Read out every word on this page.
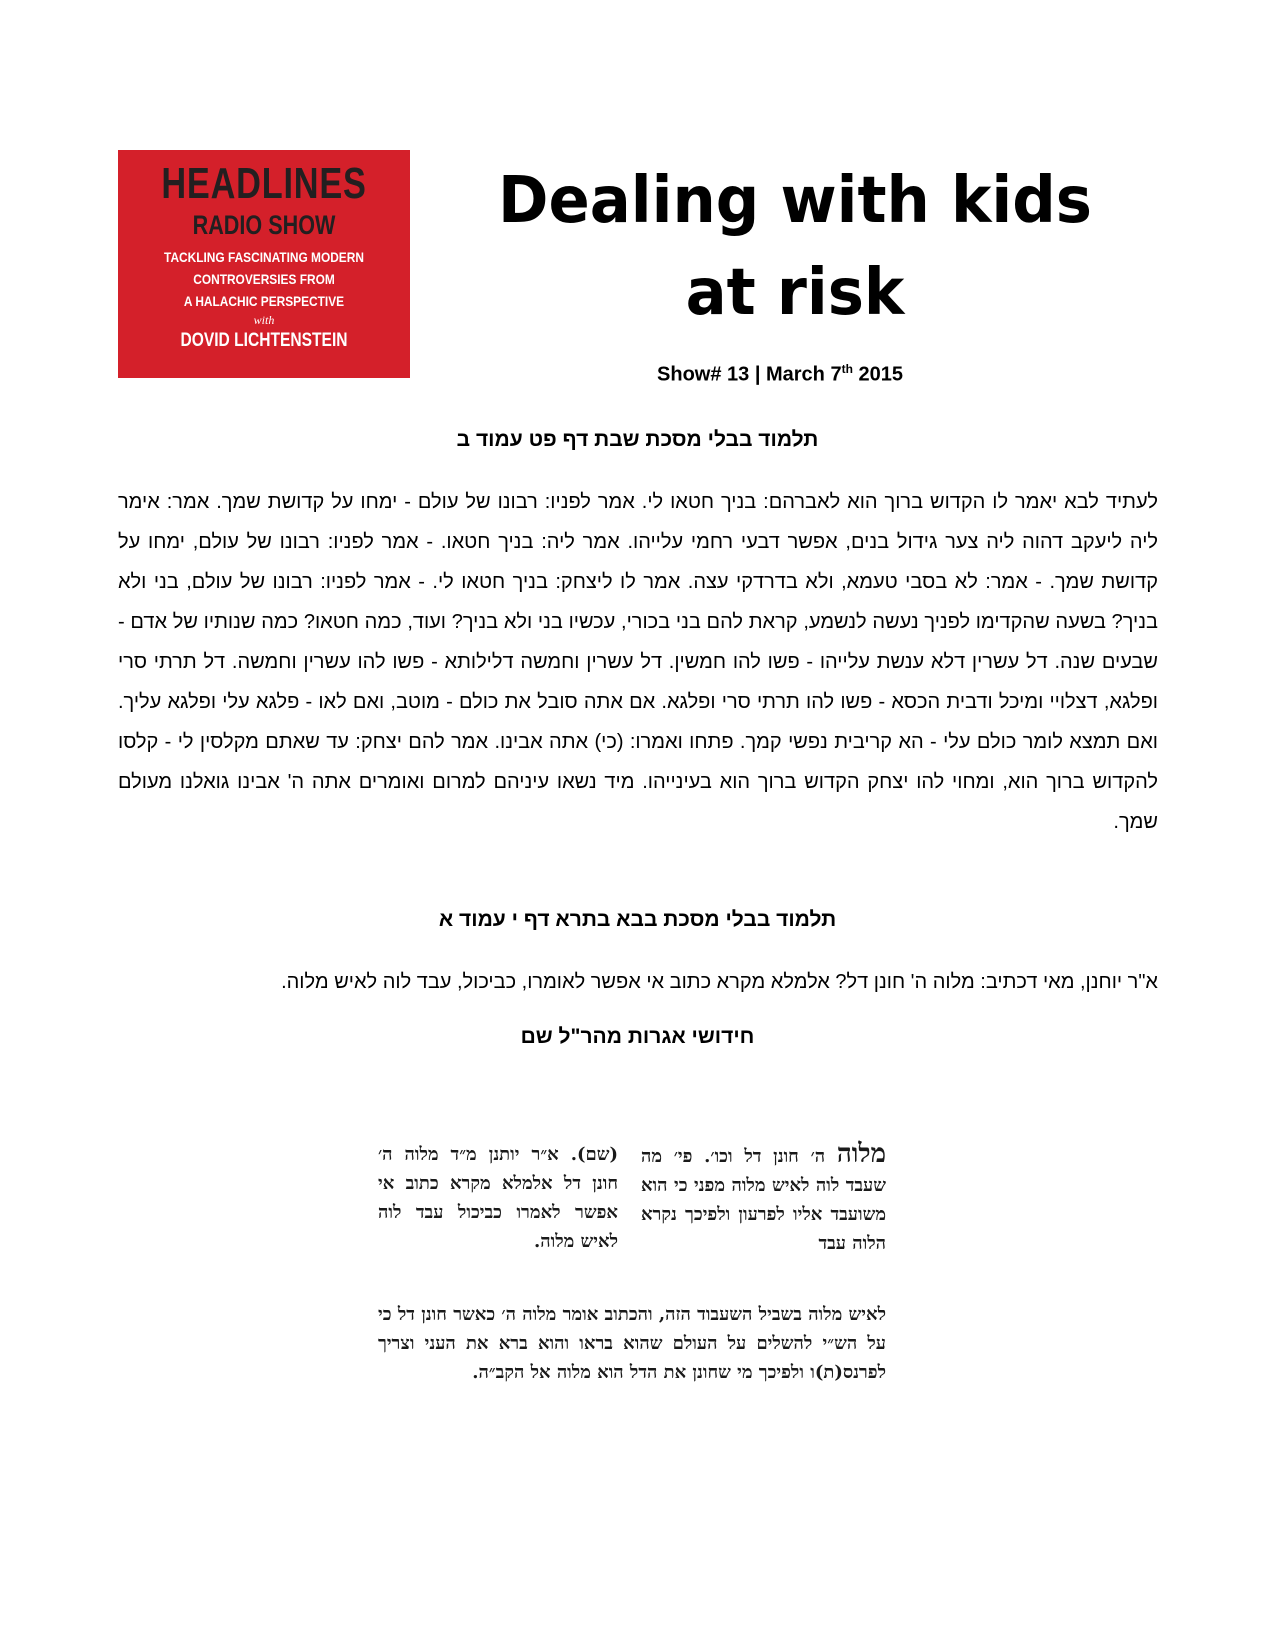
HEADLINES
RADIO SHOW
TACKLING FASCINATING MODERN
CONTROVERSIES FROM
A HALACHIC PERSPECTIVE
with
DOVID LICHTENSTEIN
Dealing with kids at risk
Show# 13 | March 7th 2015
תלמוד בבלי מסכת שבת דף פט עמוד ב
לעתיד לבא יאמר לו הקדוש ברוך הוא לאברהם: בניך חטאו לי. אמר לפניו: רבונו של עולם - ימחו על קדושת שמך. אמר: אימר ליה ליעקב דהוה ליה צער גידול בנים, אפשר דבעי רחמי עלייהו. אמר ליה: בניך חטאו. - אמר לפניו: רבונו של עולם, ימחו על קדושת שמך. - אמר: לא בסבי טעמא, ולא בדרדקי עצה. אמר לו ליצחק: בניך חטאו לי. - אמר לפניו: רבונו של עולם, בני ולא בניך? בשעה שהקדימו לפניך נעשה לנשמע, קראת להם בני בכורי, עכשיו בני ולא בניך? ועוד, כמה חטאו? כמה שנותיו של אדם - שבעים שנה. דל עשרין דלא ענשת עלייהו - פשו להו חמשין. דל עשרין וחמשה דלילותא - פשו להו עשרין וחמשה. דל תרתי סרי ופלגא, דצלויי ומיכל ודבית הכסא - פשו להו תרתי סרי ופלגא. אם אתה סובל את כולם - מוטב, ואם לאו - פלגא עלי ופלגא עליך. ואם תמצא לומר כולם עלי - הא קריבית נפשי קמך. פתחו ואמרו: (כי) אתה אבינו. אמר להם יצחק: עד שאתם מקלסין לי - קלסו להקדוש ברוך הוא, ומחוי להו יצחק הקדוש ברוך הוא בעינייהו. מיד נשאו עיניהם למרום ואומרים אתה ה' אבינו גואלנו מעולם שמך.
תלמוד בבלי מסכת בבא בתרא דף י עמוד א
א"ר יוחנן, מאי דכתיב: מלוה ה' חונן דל? אלמלא מקרא כתוב אי אפשר לאומרו, כביכול, עבד לוה לאיש מלוה.
חידושי אגרות מהר"ל שם
מלוה ה׳ חונן דל וכו׳. פי׳ מה שעבד לוה לאיש מלוה מפני כי הוא משועבד אליו לפרעון ולפיכך נקרא הלוה עבד
(שם). א״ר יותנן מ״ד מלוה ה׳ חונן דל אלמלא מקרא כתוב אי אפשר לאמרו כביכול עבד לוה לאיש מלוה.
לאיש מלוה בשביל השעבוד הזה, והכתוב אומר מלוה ה׳ כאשר חונן דל כי על הש״י להשלים על העולם שהוא בראו והוא ברא את העני וצריך לפרנס(ת)ו ולפיכך מי שחונן את הדל הוא מלוה אל הקב״ה.
